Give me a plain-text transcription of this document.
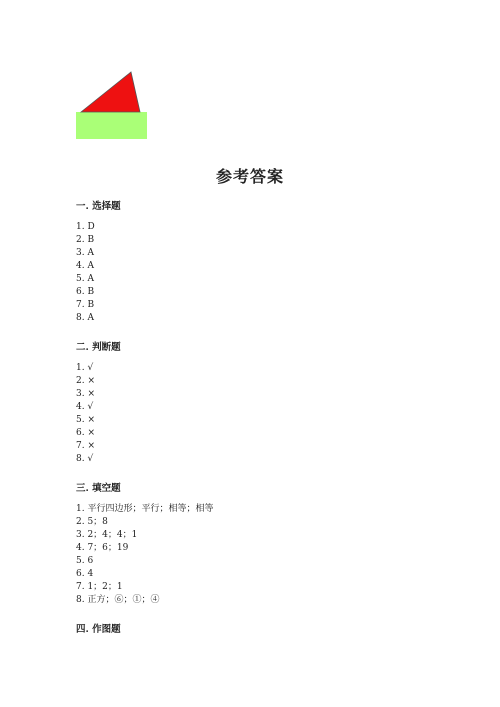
参考答案
一. 选择题
1. D
2. B
3. A
4. A
5. A
6. B
7. B
8. A
二. 判断题
1. √
2. ×
3. ×
4. √
5. ×
6. ×
7. ×
8. √
三. 填空题
1. 平行四边形；平行；相等；相等
2. 5；8
3. 2；4；4；1
4. 7；6；19
5. 6
6. 4
7. 1；2；1
8. 正方；⑥；①；④
四. 作图题
